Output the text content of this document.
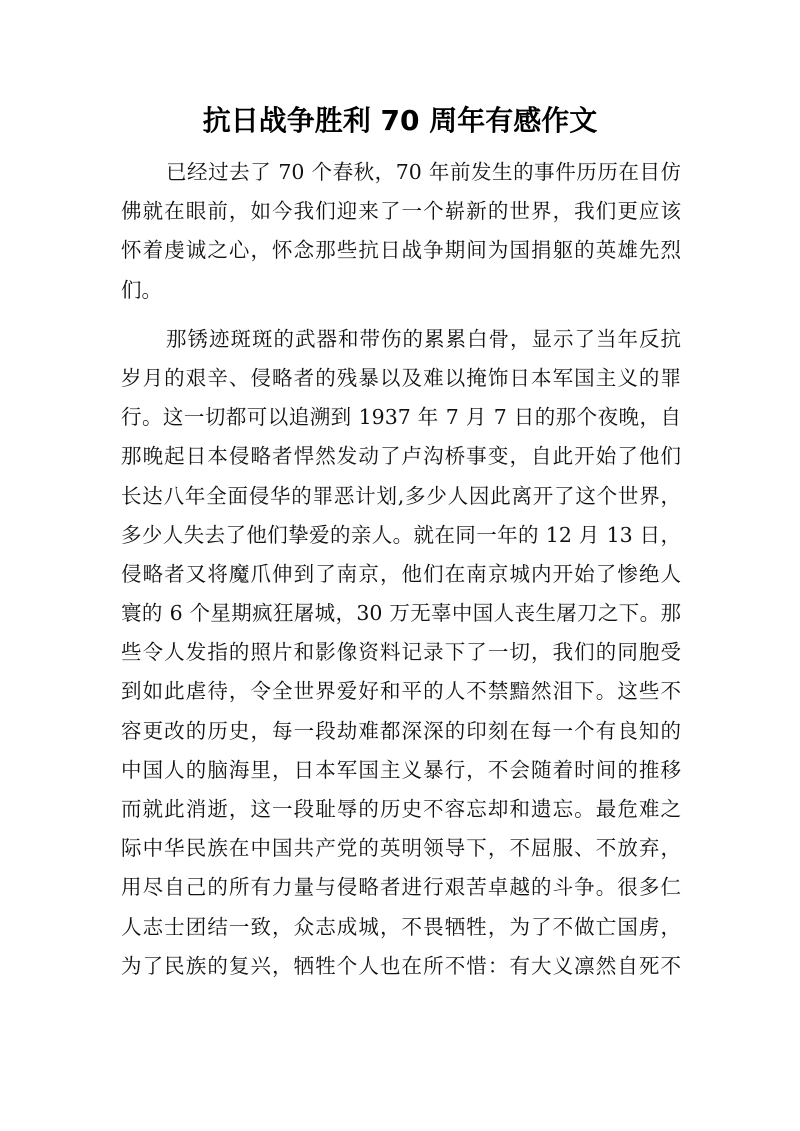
抗日战争胜利 70 周年有感作文
已经过去了 70 个春秋，70 年前发生的事件历历在目仿
佛就在眼前，如今我们迎来了一个崭新的世界，我们更应该
怀着虔诚之心，怀念那些抗日战争期间为国捐躯的英雄先烈
们。
那锈迹斑斑的武器和带伤的累累白骨，显示了当年反抗
岁月的艰辛、侵略者的残暴以及难以掩饰日本军国主义的罪
行。这一切都可以追溯到 1937 年 7 月 7 日的那个夜晚，自
那晚起日本侵略者悍然发动了卢沟桥事变，自此开始了他们
长达八年全面侵华的罪恶计划,多少人因此离开了这个世界，
多少人失去了他们挚爱的亲人。就在同一年的 12 月 13 日，
侵略者又将魔爪伸到了南京，他们在南京城内开始了惨绝人
寰的 6 个星期疯狂屠城，30 万无辜中国人丧生屠刀之下。那
些令人发指的照片和影像资料记录下了一切，我们的同胞受
到如此虐待，令全世界爱好和平的人不禁黯然泪下。这些不
容更改的历史，每一段劫难都深深的印刻在每一个有良知的
中国人的脑海里，日本军国主义暴行，不会随着时间的推移
而就此消逝，这一段耻辱的历史不容忘却和遗忘。最危难之
际中华民族在中国共产党的英明领导下，不屈服、不放弃，
用尽自己的所有力量与侵略者进行艰苦卓越的斗争。很多仁
人志士团结一致，众志成城，不畏牺牲，为了不做亡国虏，
为了民族的复兴，牺牲个人也在所不惜：有大义凛然自死不
